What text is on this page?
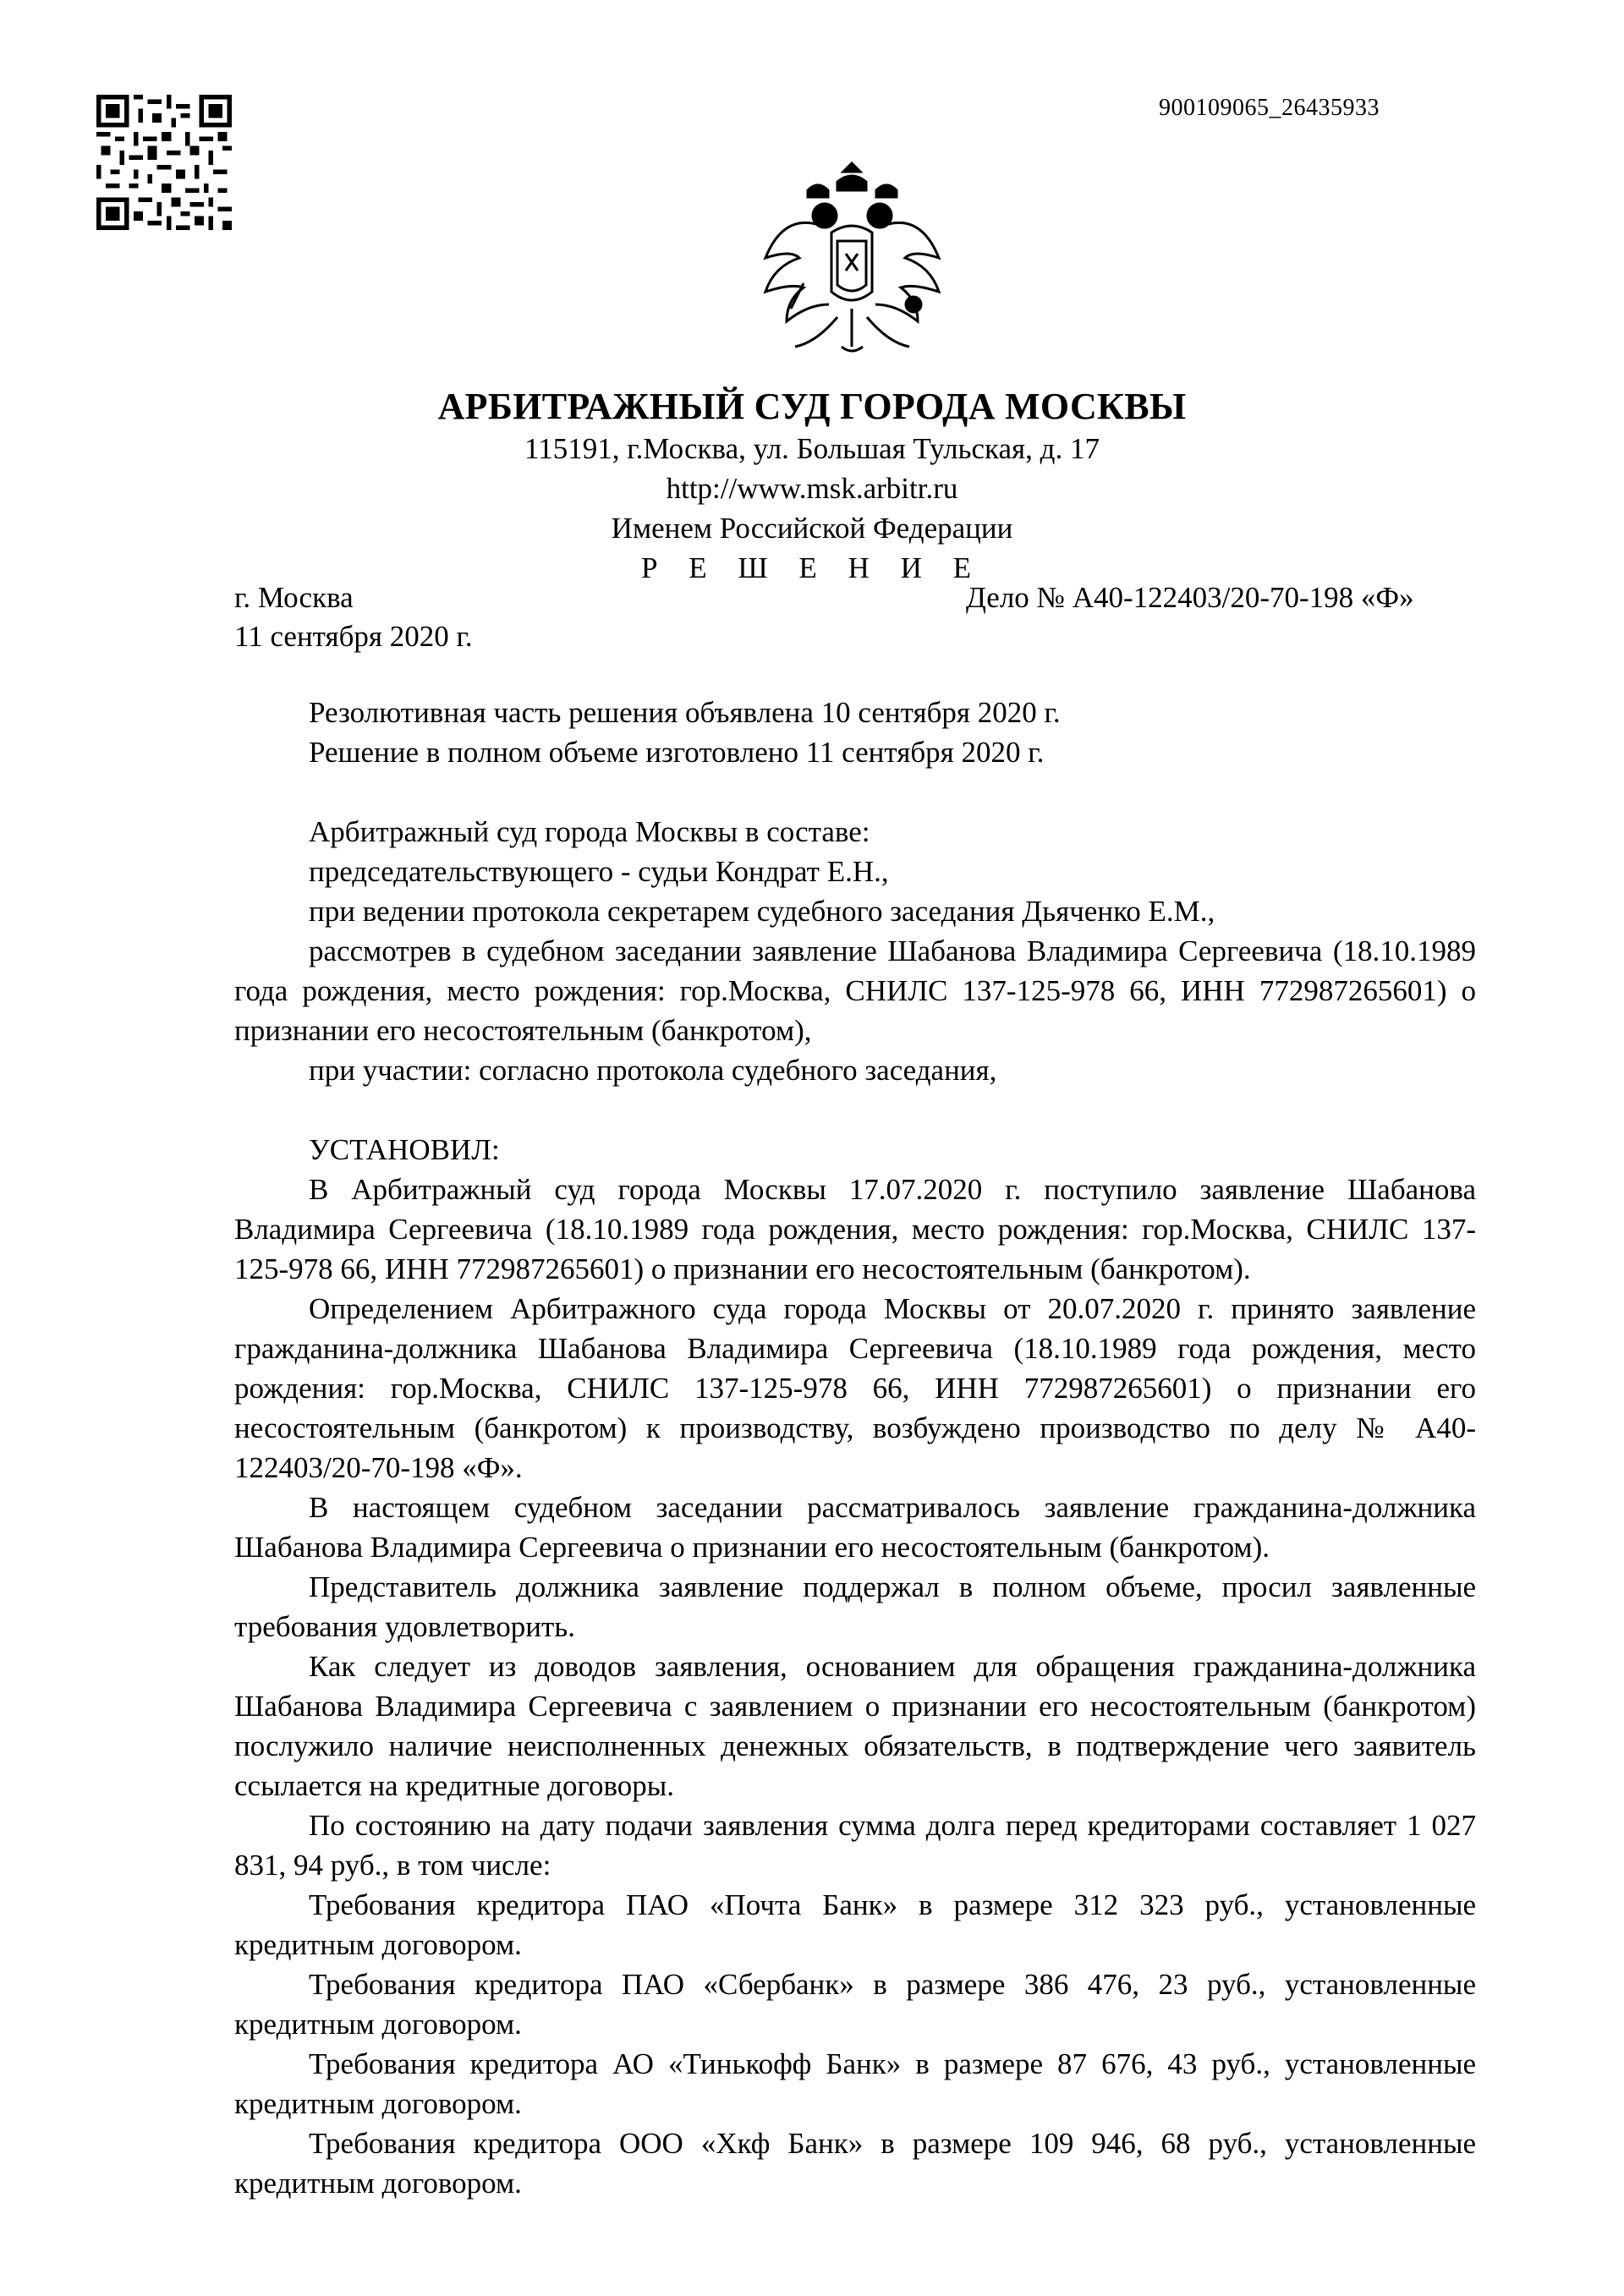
900109065_26435933

АРБИТРАЖНЫЙ СУД ГОРОДА МОСКВЫ

115191, г.Москва, ул. Большая Тульская, д. 17

http://www.msk.arbitr.ru

Именем Российской Федерации

Р Е Ш Е Н И Е

г. Москва	Дело № А40-122403/20-70-198 «Ф»
11 сентября 2020 г.

Резолютивная часть решения объявлена 10 сентября 2020 г.

Решение в полном объеме изготовлено 11 сентября 2020 г.

Арбитражный суд города Москвы в составе:

председательствующего - судьи Кондрат Е.Н.,

при ведении протокола секретарем судебного заседания Дьяченко Е.М.,

рассмотрев в судебном заседании заявление Шабанова Владимира Сергеевича (18.10.1989 года рождения, место рождения: гор.Москва, СНИЛС 137-125-978 66, ИНН 772987265601) о признании его несостоятельным (банкротом),

при участии: согласно протокола судебного заседания,

УСТАНОВИЛ:

В Арбитражный суд города Москвы 17.07.2020 г. поступило заявление Шабанова Владимира Сергеевича (18.10.1989 года рождения, место рождения: гор.Москва, СНИЛС 137-125-978 66, ИНН 772987265601) о признании его несостоятельным (банкротом).

Определением Арбитражного суда города Москвы от 20.07.2020 г. принято заявление гражданина-должника Шабанова Владимира Сергеевича (18.10.1989 года рождения, место рождения: гор.Москва, СНИЛС 137-125-978 66, ИНН 772987265601) о признании его несостоятельным (банкротом) к производству, возбуждено производство по делу № А40-122403/20-70-198 «Ф».

В настоящем судебном заседании рассматривалось заявление гражданина-должника Шабанова Владимира Сергеевича о признании его несостоятельным (банкротом).

Представитель должника заявление поддержал в полном объеме, просил заявленные требования удовлетворить.

Как следует из доводов заявления, основанием для обращения гражданина-должника Шабанова Владимира Сергеевича с заявлением о признании его несостоятельным (банкротом) послужило наличие неисполненных денежных обязательств, в подтверждение чего заявитель ссылается на кредитные договоры.

По состоянию на дату подачи заявления сумма долга перед кредиторами составляет 1 027 831, 94 руб., в том числе:

Требования кредитора ПАО «Почта Банк» в размере 312 323 руб., установленные кредитным договором.

Требования кредитора ПАО «Сбербанк» в размере 386 476, 23 руб., установленные кредитным договором.

Требования кредитора АО «Тинькофф Банк» в размере 87 676, 43 руб., установленные кредитным договором.

Требования кредитора ООО «Хкф Банк» в размере 109 946, 68 руб., установленные кредитным договором.
